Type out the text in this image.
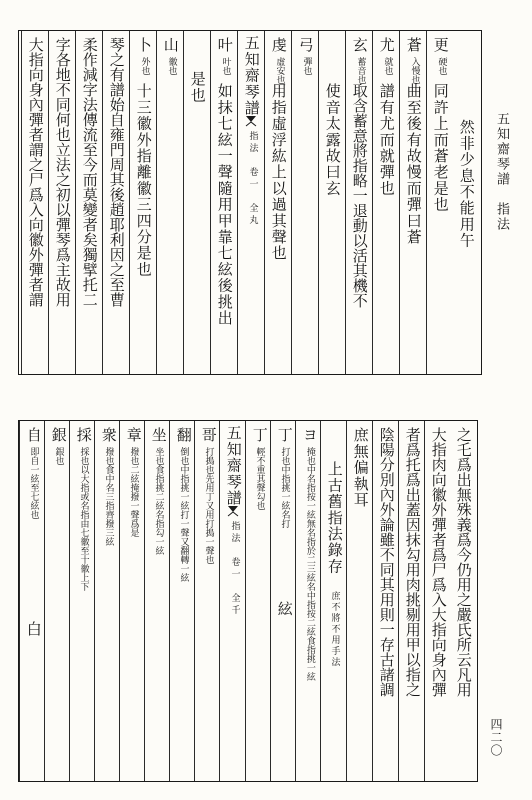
五知齋琴譜　指法
然非少息不能用午
更
硬也
同許上而蒼老是也
蒼
入慢也
曲至後有故慢而彈曰蒼
尤
就也
譜有尤而就彈也
玄
蓄音也
取含蓄意將指略一退動以活其機不
使音太露故曰玄
弓
彈也
虔
虛安也
用指虛浮紘上以過其聲也
五知齋琴譜
指法　卷一　全丸
叶
叶也
如抹七絃一聲隨用甲靠七絃後挑出
是也
山
徽也
卜
外也
十三徽外指離徽三四分是也
琴之有譜始自雍門周其後趙耶利因之至曹
柔作減字法傳流至今而莫變者矣獨擘托二
字各地不同何也立法之初以彈琴爲主故用
大指向身內彈者謂之尸爲入向徽外彈者謂
四二〇
之乇爲出無殊義爲今仍用之嚴氏所云凡用
大指肉向徽外彈者爲尸爲入大指向身內彈
者爲托爲出蓋因抹勾用肉挑剔用甲以指之
陰陽分別內外論雖不同其用則一存古諸調
庶無偏執耳
上古舊指法錄存
庶不將不用手法
ヨ
掩也中名指按一絃無名指於二三絃名中指按二絃食指挑一絃
丁
打也中指挑一絃名打
絃
丁
輕不重其聲勾也
五知齋琴譜
指法　卷一　全千
哥
打搗也先用丁又用打搗一聲也
翻
倒也中指挑一絃打一聲又翻轉一絃
坐
坐也食指挑二絃名指勾一絃
章
撥也二絃掩撥一聲爲是
衆
撥也食中名三指齊撥三絃
採
採也以大指或名指由七徽至十徽上下
銀
銀也
自
即自一絃至七絃也
白
